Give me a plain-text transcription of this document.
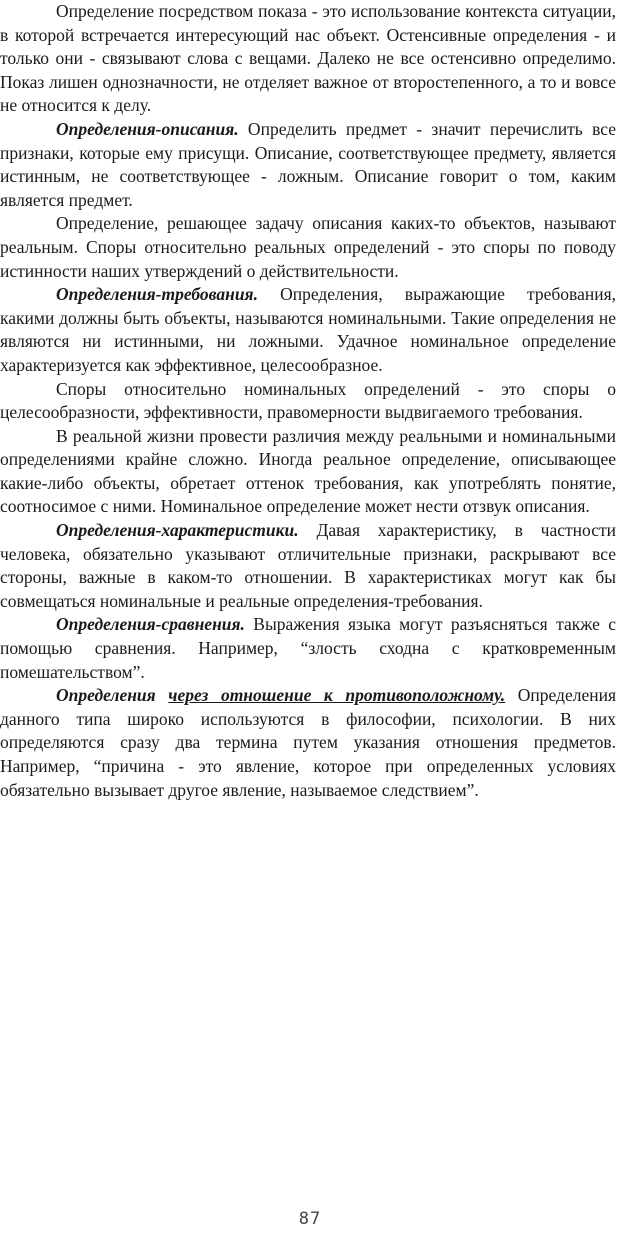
Определение посредством показа - это использование контекста ситуации, в которой встречается интересующий нас объект. Остенсивные определения - и только они - связывают слова с вещами. Далеко не все остенсивно определимо. Показ лишен однозначности, не отделяет важное от второстепенного, а то и вовсе не относится к делу.

Определения-описания. Определить предмет - значит перечислить все признаки, которые ему присущи. Описание, соответствующее предмету, является истинным, не соответствующее - ложным. Описание говорит о том, каким является предмет.

Определение, решающее задачу описания каких-то объектов, называют реальным. Споры относительно реальных определений - это споры по поводу истинности наших утверждений о действительности.

Определения-требования. Определения, выражающие требования, какими должны быть объекты, называются номинальными. Такие определения не являются ни истинными, ни ложными. Удачное номинальное определение характеризуется как эффективное, целесообразное.

Споры относительно номинальных определений - это споры о целесообразности, эффективности, правомерности выдвигаемого требования.

В реальной жизни провести различия между реальными и номинальными определениями крайне сложно. Иногда реальное определение, описывающее какие-либо объекты, обретает оттенок требования, как употреблять понятие, соотносимое с ними. Номинальное определение может нести отзвук описания.

Определения-характеристики. Давая характеристику, в частности человека, обязательно указывают отличительные признаки, раскрывают все стороны, важные в каком-то отношении. В характеристиках могут как бы совмещаться номинальные и реальные определения-требования.

Определения-сравнения. Выражения языка могут разъясняться также с помощью сравнения. Например, “злость сходна с кратковременным помешательством”.

Определения через отношение к противоположному. Определения данного типа широко используются в философии, психологии. В них определяются сразу два термина путем указания отношения предметов. Например, “причина - это явление, которое при определенных условиях обязательно вызывает другое явление, называемое следствием”.

87
